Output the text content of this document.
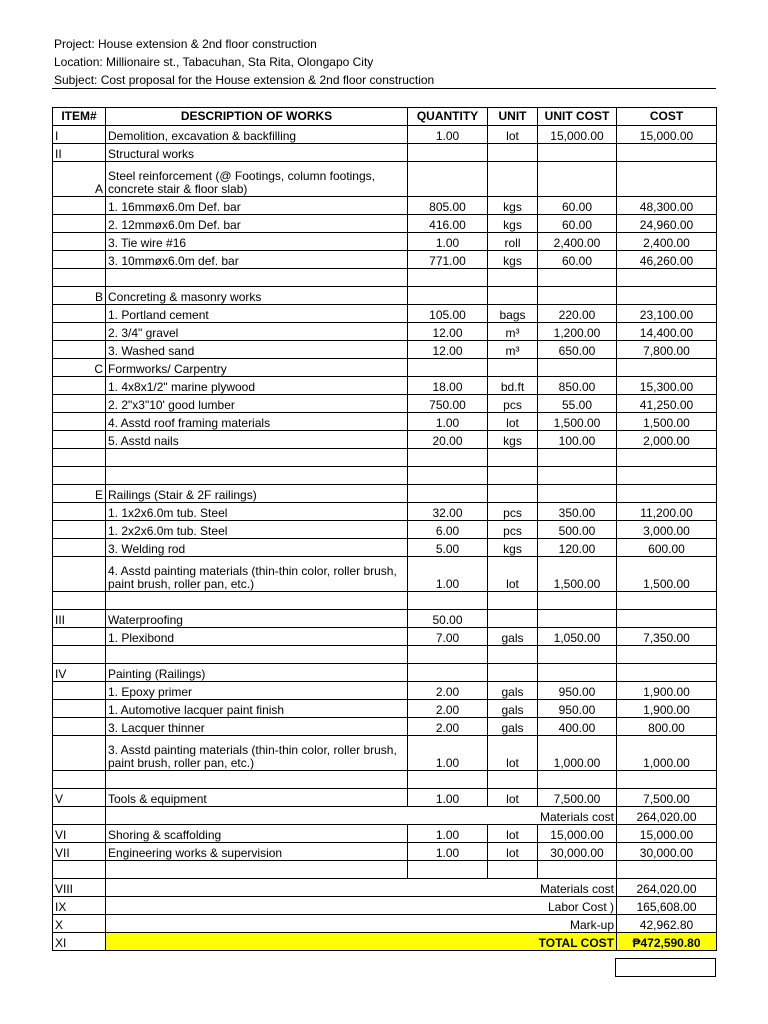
Project: House extension & 2nd floor construction
Location: Millionaire st., Tabacuhan, Sta Rita, Olongapo City
Subject: Cost proposal for the House extension & 2nd floor construction
ITEM#	DESCRIPTION OF WORKS	QUANTITY	UNIT	UNIT COST	COST

I	Demolition, excavation & backfilling	1.00	lot	15,000.00	15,000.00

II	Structural works				

A	Steel reinforcement (@ Footings, column footings, concrete stair & floor slab)				

	1. 16mmøx6.0m Def. bar	805.00	kgs	60.00	48,300.00

	2. 12mmøx6.0m Def. bar	416.00	kgs	60.00	24,960.00

	3. Tie wire #16	1.00	roll	2,400.00	2,400.00

	3. 10mmøx6.0m def. bar	771.00	kgs	60.00	46,260.00

B	Concreting & masonry works				

	1. Portland cement	105.00	bags	220.00	23,100.00

	2. 3/4" gravel	12.00	m³	1,200.00	14,400.00

	3. Washed sand	12.00	m³	650.00	7,800.00

C	Formworks/ Carpentry				

	1. 4x8x1/2" marine plywood	18.00	bd.ft	850.00	15,300.00

	2. 2"x3"10' good lumber	750.00	pcs	55.00	41,250.00

	4. Asstd roof framing materials	1.00	lot	1,500.00	1,500.00

	5. Asstd nails	20.00	kgs	100.00	2,000.00

E	Railings (Stair & 2F railings)				

	1. 1x2x6.0m tub. Steel	32.00	pcs	350.00	11,200.00

	1. 2x2x6.0m tub. Steel	6.00	pcs	500.00	3,000.00

	3. Welding rod	5.00	kgs	120.00	600.00

	4. Asstd painting materials (thin-thin color, roller brush, paint brush, roller pan, etc.)	1.00	lot	1,500.00	1,500.00

III	Waterproofing	50.00			

	1. Plexibond	7.00	gals	1,050.00	7,350.00

IV	Painting (Railings)				

	1. Epoxy primer	2.00	gals	950.00	1,900.00

	1. Automotive lacquer paint finish	2.00	gals	950.00	1,900.00

	3. Lacquer thinner	2.00	gals	400.00	800.00

	3. Asstd painting materials (thin-thin color, roller brush, paint brush, roller pan, etc.)	1.00	lot	1,000.00	1,000.00

V	Tools & equipment	1.00	lot	7,500.00	7,500.00
	Materials cost				264,020.00
VI	Shoring & scaffolding	1.00	lot	15,000.00	15,000.00
VII	Engineering works & supervision	1.00	lot	30,000.00	30,000.00

VIII	Materials cost				264,020.00
IX	Labor Cost )				165,608.00
X	Mark-up				42,962.80
XI	TOTAL COST				₱472,590.80
